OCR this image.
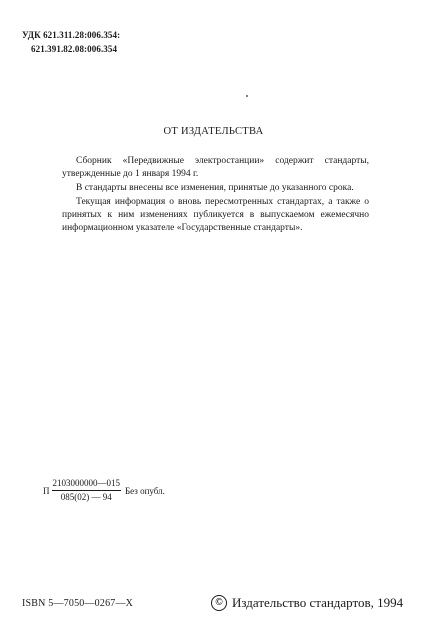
УДК 621.311.28:006.354:
621.391.82.08:006.354
ОТ ИЗДАТЕЛЬСТВА

Сборник «Передвижные электростанции» содержит стандарты, утвержденные до 1 января 1994 г.

В стандарты внесены все изменения, принятые до указанного срока.

Текущая информация о вновь пересмотренных стандартах, а также о принятых к ним изменениях публикуется в выпускаемом ежемесячно информационном указателе «Государственные стандарты».

П $\frac{2103000000—015}{085(02) — 94}$ Без опубл.
ISBN 5—7050—0267—X	© Издательство стандартов, 1994
